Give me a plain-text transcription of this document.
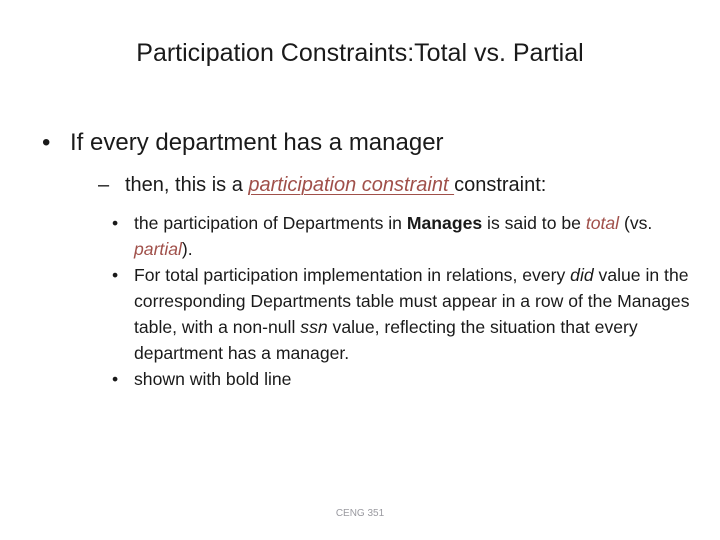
Participation Constraints:Total vs. Partial
• If every department has a manager
– then, this is a participation constraint constraint:
• the participation of Departments in Manages is said to be total (vs. partial).
• For total participation implementation in relations, every did value in the corresponding Departments table must appear in a row of the Manages table, with a non-null ssn value, reflecting the situation that every department has a manager.
• shown with bold line
CENG 351
